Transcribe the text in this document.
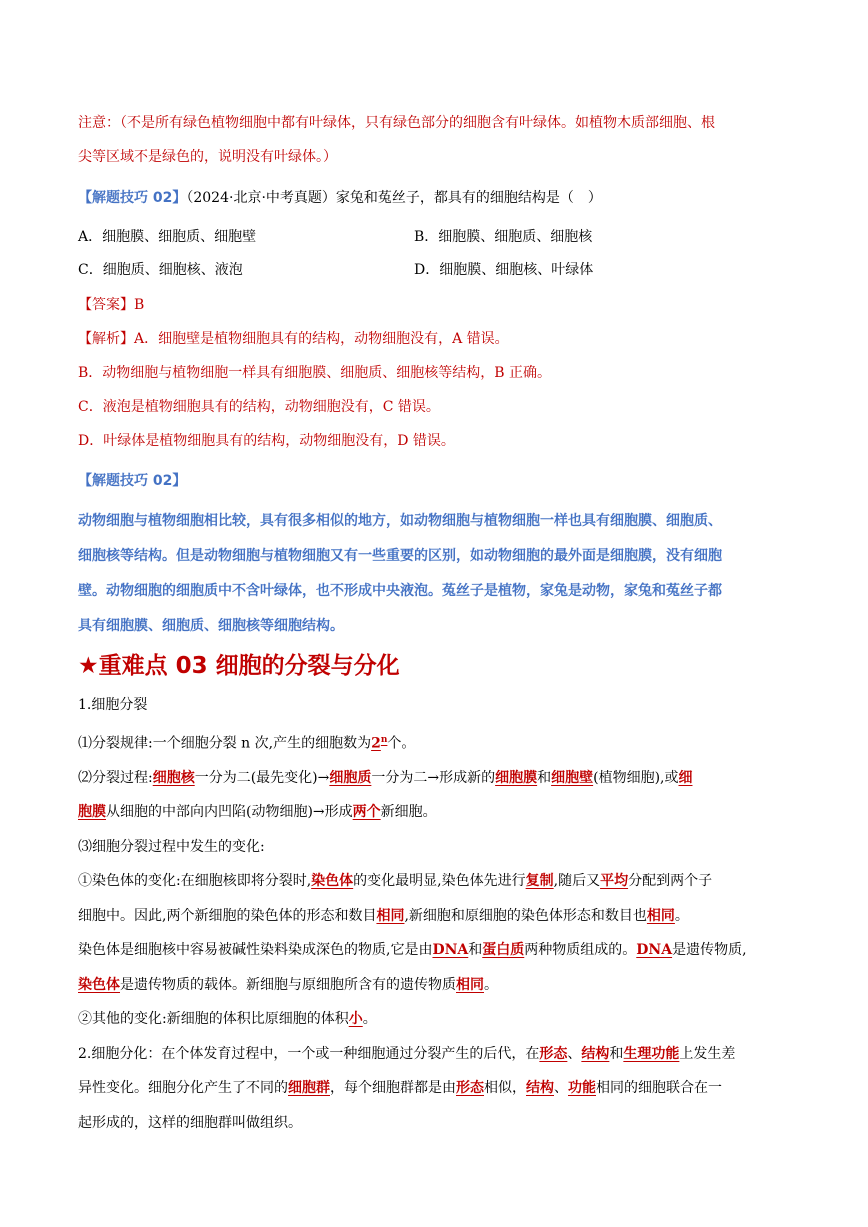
注意：（不是所有绿色植物细胞中都有叶绿体，只有绿色部分的细胞含有叶绿体。如植物木质部细胞、根
尖等区域不是绿色的，说明没有叶绿体。）
【解题技巧 02】（2024·北京·中考真题）家兔和菟丝子，都具有的细胞结构是（　）
A．细胞膜、细胞质、细胞壁	B．细胞膜、细胞质、细胞核
C．细胞质、细胞核、液泡	D．细胞膜、细胞核、叶绿体
【答案】B
【解析】A．细胞壁是植物细胞具有的结构，动物细胞没有，A 错误。
B．动物细胞与植物细胞一样具有细胞膜、细胞质、细胞核等结构，B 正确。
C．液泡是植物细胞具有的结构，动物细胞没有，C 错误。
D．叶绿体是植物细胞具有的结构，动物细胞没有，D 错误。
【解题技巧 02】
动物细胞与植物细胞相比较，具有很多相似的地方，如动物细胞与植物细胞一样也具有细胞膜、细胞质、
细胞核等结构。但是动物细胞与植物细胞又有一些重要的区别，如动物细胞的最外面是细胞膜，没有细胞
壁。动物细胞的细胞质中不含叶绿体，也不形成中央液泡。菟丝子是植物，家兔是动物，家兔和菟丝子都
具有细胞膜、细胞质、细胞核等细胞结构。
★重难点 03 细胞的分裂与分化
1.细胞分裂
⑴分裂规律:一个细胞分裂 n 次,产生的细胞数为2$^n$个。
⑵分裂过程:细胞核一分为二(最先变化)→细胞质一分为二→形成新的细胞膜和细胞壁(植物细胞),或细
胞膜从细胞的中部向内凹陷(动物细胞)→形成两个新细胞。
⑶细胞分裂过程中发生的变化:
①染色体的变化:在细胞核即将分裂时,染色体的变化最明显,染色体先进行复制,随后又平均分配到两个子
细胞中。因此,两个新细胞的染色体的形态和数目相同,新细胞和原细胞的染色体形态和数目也相同。
染色体是细胞核中容易被碱性染料染成深色的物质,它是由DNA和蛋白质两种物质组成的。DNA是遗传物质,
染色体是遗传物质的载体。新细胞与原细胞所含有的遗传物质相同。
②其他的变化:新细胞的体积比原细胞的体积小。
2.细胞分化：在个体发育过程中，一个或一种细胞通过分裂产生的后代，在形态、结构和生理功能上发生差
异性变化。细胞分化产生了不同的细胞群，每个细胞群都是由形态相似，结构、功能相同的细胞联合在一
起形成的，这样的细胞群叫做组织。
